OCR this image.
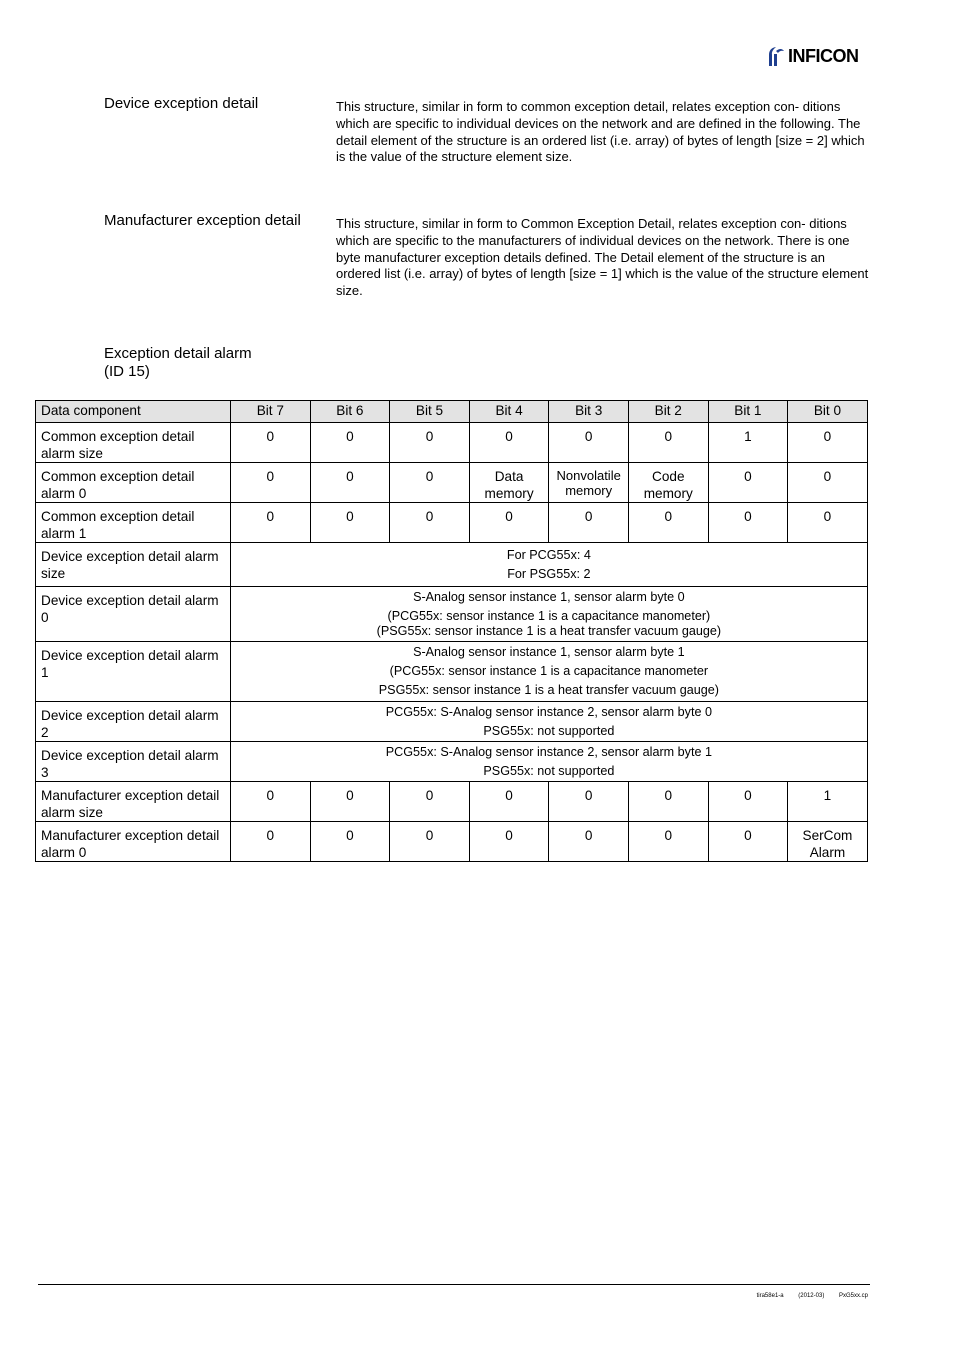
INFICON
Device exception detail	This structure, similar in form to common exception detail, relates exception con- ditions which are specific to individual devices on the network and are defined in the following. The detail element of the structure is an ordered list (i.e. array) of bytes of length [size = 2] which is the value of the structure element size.
Manufacturer exception detail	This structure, similar in form to Common Exception Detail, relates exception con- ditions which are specific to the manufacturers of individual devices on the network. There is one byte manufacturer exception details defined. The Detail element of the structure is an ordered list (i.e. array) of bytes of length [size = 1] which is the value of the structure element size.
Exception detail alarm (ID 15)
Data component	Bit 7	Bit 6	Bit 5	Bit 4	Bit 3	Bit 2	Bit 1	Bit 0
Common exception detail alarm size	0	0	0	0	0	0	1	0
Common exception detail alarm 0	0	0	0	Data memory	Nonvolatile memory	Code memory	0	0
Common exception detail alarm 1	0	0	0	0	0	0	0	0
Device exception detail alarm size	For PCG55x: 4
For PSG55x: 2							

Device exception detail alarm 0	S-Analog sensor instance 1, sensor alarm byte 0
(PCG55x: sensor instance 1 is a capacitance manometer)
(PSG55x: sensor instance 1 is a heat transfer vacuum gauge)							

Device exception detail alarm 1	S-Analog sensor instance 1, sensor alarm byte 1
(PCG55x: sensor instance 1 is a capacitance manometer
PSG55x: sensor instance 1 is a heat transfer vacuum gauge)							

Device exception detail alarm 2	PCG55x: S-Analog sensor instance 2, sensor alarm byte 0
PSG55x: not supported							

Device exception detail alarm 3	PCG55x: S-Analog sensor instance 2, sensor alarm byte 1
PSG55x: not supported							

Manufacturer exception detail alarm size	0	0	0	0	0	0	0	1
Manufacturer exception detail alarm 0	0	0	0	0	0	0	0	SerCom Alarm
tira58e1-a (2012-03) PxG5xx.cp
